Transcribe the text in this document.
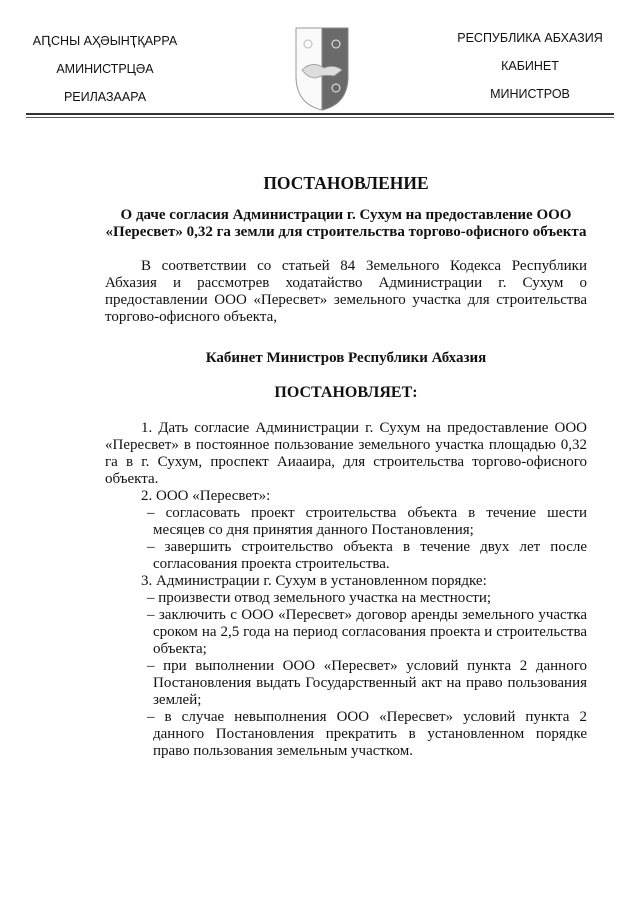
АԤСНЫ АҲӘЫНҬҚАРРА
АМИНИСТРЦӘА
РЕИЛАЗААРА
РЕСПУБЛИКА АБХАЗИЯ
КАБИНЕТ
МИНИСТРОВ
ПОСТАНОВЛЕНИЕ
О даче согласия Администрации г. Сухум на предоставление ООО «Пересвет» 0,32 га земли для строительства торгово-офисного объекта

В соответствии со статьей 84 Земельного Кодекса Республики Абхазия и рассмотрев ходатайство Администрации г. Сухум о предоставлении ООО «Пересвет» земельного участка для строительства торгово-офисного объекта,

Кабинет Министров Республики Абхазия
ПОСТАНОВЛЯЕТ:

1. Дать согласие Администрации г. Сухум на предоставление ООО «Пересвет» в постоянное пользование земельного участка площадью 0,32 га в г. Сухум, проспект Аиааира, для строительства торгово-офисного объекта.

2. ООО «Пересвет»:

– согласовать проект строительства объекта в течение шести месяцев со дня принятия данного Постановления;

– завершить строительство объекта в течение двух лет после согласования проекта строительства.

3. Администрации г. Сухум в установленном порядке:

– произвести отвод земельного участка на местности;

– заключить с ООО «Пересвет» договор аренды земельного участка сроком на 2,5 года на период согласования проекта и строительства объекта;

– при выполнении ООО «Пересвет» условий пункта 2 данного Постановления выдать Государственный акт на право пользования землей;

– в случае невыполнения ООО «Пересвет» условий пункта 2 данного Постановления прекратить в установленном порядке право пользования земельным участком.
